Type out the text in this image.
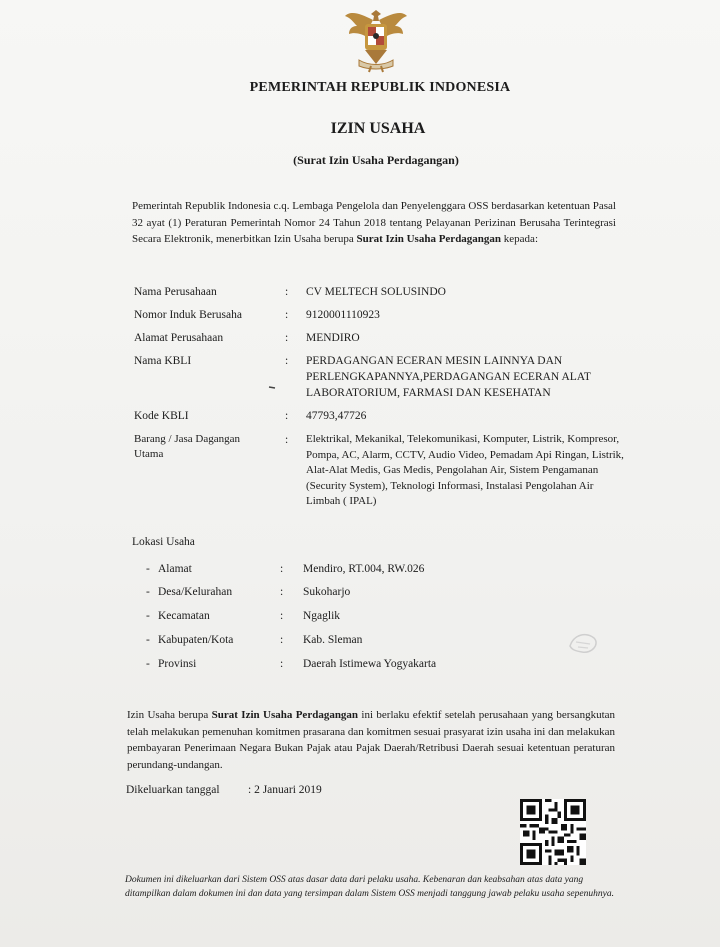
PEMERINTAH REPUBLIK INDONESIA
IZIN USAHA
(Surat Izin Usaha Perdagangan)
Pemerintah Republik Indonesia c.q. Lembaga Pengelola dan Penyelenggara OSS berdasarkan ketentuan Pasal 32 ayat (1) Peraturan Pemerintah Nomor 24 Tahun 2018 tentang Pelayanan Perizinan Berusaha Terintegrasi Secara Elektronik, menerbitkan Izin Usaha berupa Surat Izin Usaha Perdagangan kepada:
Nama Perusahaan	: CV MELTECH SOLUSINDO
Nomor Induk Berusaha	: 9120001110923
Alamat Perusahaan	: MENDIRO
Nama KBLI	: PERDAGANGAN ECERAN MESIN LAINNYA DAN PERLENGKAPANNYA,PERDAGANGAN ECERAN ALAT LABORATORIUM, FARMASI DAN KESEHATAN
Kode KBLI	: 47793,47726
Barang / Jasa Dagangan Utama
: Elektrikal, Mekanikal, Telekomunikasi, Komputer, Listrik, Kompresor, Pompa, AC, Alarm, CCTV, Audio Video, Pemadam Api Ringan, Listrik, Alat-Alat Medis, Gas Medis, Pengolahan Air, Sistem Pengamanan (Security System), Teknologi Informasi, Instalasi Pengolahan Air Limbah ( IPAL)
Lokasi Usaha
- Alamat	: Mendiro, RT.004, RW.026
- Desa/Kelurahan	: Sukoharjo
- Kecamatan	: Ngaglik
- Kabupaten/Kota	: Kab. Sleman
- Provinsi	: Daerah Istimewa Yogyakarta
Izin Usaha berupa Surat Izin Usaha Perdagangan ini berlaku efektif setelah perusahaan yang bersangkutan telah melakukan pemenuhan komitmen prasarana dan komitmen sesuai prasyarat izin usaha ini dan melakukan pembayaran Penerimaan Negara Bukan Pajak atau Pajak Daerah/Retribusi Daerah sesuai ketentuan peraturan perundang-undangan.
Dikeluarkan tanggal : 2 Januari 2019
Dokumen ini dikeluarkan dari Sistem OSS atas dasar data dari pelaku usaha. Kebenaran dan keabsahan atas data yang ditampilkan dalam dokumen ini dan data yang tersimpan dalam Sistem OSS menjadi tanggung jawab pelaku usaha sepenuhnya.
